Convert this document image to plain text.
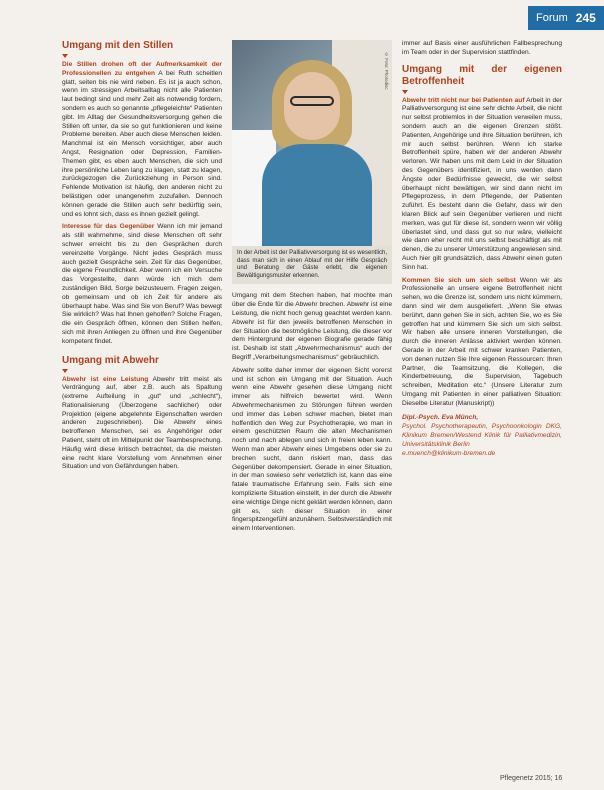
Forum 245
Umgang mit den Stillen

Die Stillen drohen oft der Aufmerksamkeit der Professionellen zu entgehen A bei Ruth scheitlen glatt, seiten bis nie wird neben. Es ist ja auch schon, wenn im stressigen Arbeitsalltag nicht alle Patienten laut bedingt sind und mehr Zeit als notwendig fordern, sondern es auch so genannte „pflegeleichte“ Patienten gibt. Im Alltag der Gesundheitsversorgung gehen die Stillen oft unter, da sie so gut funktionieren und keine Probleme bereiten. Aber auch diese Menschen leiden. Manchmal ist ein Mensch vorsichtiger, aber auch Angst, Resignation oder Depression, Familien-Themen gibt, es eben auch Menschen, die sich und ihre persönliche Leben lang zu klagen, statt zu klagen, zurückgezogen die Zurückziehung in Person sind. Fehlende Motivation ist häufig, den anderen nicht zu belästigen oder unangenehm zuzufallen. Dennoch können gerade die Stillen auch sehr bedürftig sein, und es lohnt sich, dass es ihnen gezielt gelingt.

Interesse für das Gegenüber Wenn ich mir jemand als still wahrnehme, sind diese Menschen oft sehr schwer erreicht bis zu den Gesprächen durch vereinzelte Vorgänge. Nicht jedes Gespräch muss auch gezielt Gespräche sein. Zeit für das Gegenüber, die eigene Freundlichkeit. Aber wenn ich ein Versuche das Vorgestellte, dann würde ich mich dem zuständigen Bild, Sorge beizusteuern. Fragen zeigen, ob gemeinsam und ob ich Zeit für andere als überhaupt habe. Was sind Sie von Beruf? Was bewegt Sie wirklich? Was hat Ihnen geholfen? Solche Fragen, die ein Gespräch öffnen, können den Stillen helfen, sich mit ihren Anliegen zu öffnen und ihre Gegenüber kompetent findet.

Umgang mit Abwehr

Abwehr ist eine Leistung Abwehr tritt meist als Verdrängung auf, aber z.B. auch als Spaltung (extreme Aufteilung in „gut“ und „schlecht“), Rationalisierung (Überzogene sachlicher) oder Projektion (eigene abgelehnte Eigenschaften werden anderen zugeschrieben). Die Abwehr eines betroffenen Menschen, sei es Angehöriger oder Patient, steht oft im Mittelpunkt der Teambesprechung. Häufig wird diese kritisch betrachtet, da die meisten eine recht klare Vorstellung vom Annehmen einer Situation und von Gefährdungen haben.

© Foto: Photodisc
In der Arbeit ist der Palliativversorgung ist es wesentlich, dass man sich in einen Ablauf mit der Hilfe Gespräch und Beratung der Gäste erlebt, die eigenen Bewältigungsmuster erkennen.

Umgang mit dem Stechen haben, hat mochte man über die Ende für die Abwehr brechen. Abwehr ist eine Leistung, die nicht hoch genug geachtet werden kann. Abwehr ist für den jeweils betroffenen Menschen in der Situation die bestmögliche Leistung, die dieser vor dem Hintergrund der eigenen Biografie gerade fähig ist. Deshalb ist statt „Abwehrmechanismus“ auch der Begriff „Verarbeitungsmechanismus“ gebräuchlich.

Abwehr sollte daher immer der eigenen Sicht vorerst und ist schon ein Umgang mit der Situation. Auch wenn eine Abwehr gesehen diese Umgang nicht immer als hilfreich bewertet wird. Wenn Abwehrmechanismen zu Störungen führen werden und immer das Leben schwer machen, bietet man hoffentlich den Weg zur Psychotherapie, wo man in einem geschützten Raum die alten Mechanismen noch und nach ablegen und sich in freien leben kann. Wenn man aber Abwehr eines Umgebens oder sie zu brechen sucht, dann riskiert man, dass das Gegenüber dekompensiert. Gerade in einer Situation, in der man sowieso sehr verletzlich ist, kann das eine fatale traumatische Erfahrung sein. Falls sich eine komplizierte Situation einstellt, in der durch die Abwehr eine wichtige Dinge nicht geklärt werden können, dann gilt es, sich dieser Situation in einer fingerspitzengefühl anzunähern. Selbstverständlich mit einem Interventionen.

immer auf Basis einer ausführlichen Fallbesprechung im Team oder in der Supervision stattfinden.

Umgang mit der eigenen Betroffenheit

Abwehr tritt nicht nur bei Patienten auf Arbeit in der Palliativversorgung ist eine sehr dichte Arbeit, die nicht nur selbst problemlos in der Situation verweilen muss, sondern auch an die eigenen Grenzen stößt. Patienten, Angehörige und ihre Situation berühren, ich mir auch selbst berühren. Wenn ich starke Betroffenheit spüre, haben wir der anderen Abwehr verloren. Wir haben uns mit dem Leid in der Situation des Gegenübers identifiziert, in uns werden dann Ängste oder Bedürfnisse geweckt, die wir selbst überhaupt nicht bewältigen, wir sind dann nicht im Pflegeprozess, in dem Pflegende, der Patienten zuführt. Es besteht dann die Gefahr, dass wir den klaren Blick auf sein Gegenüber verlieren und nicht merken, was gut für diese ist, sondern wenn wir völlig überlastet sind, und dass gut so nur wäre, vielleicht wie dann eher recht mit uns selbst beschäftigt als mit denen, die zu unserer Unterstützung angewiesen sind. Auch hier gilt grundsätzlich, dass Abwehr einen guten Sinn hat.

Kommen Sie sich um sich selbst Wenn wir als Professionelle an unsere eigene Betroffenheit nicht sehen, wo die Grenze ist, sondern uns nicht kümmern, dann sind wir dem ausgeliefert. „Wenn Sie etwas berührt, dann gehen Sie in sich, achten Sie, wo es Sie getroffen hat und kümmern Sie sich um sich selbst. Wir haben alle unsere inneren Vorstellungen, die durch die inneren Anlässe aktiviert werden können. Gerade in der Arbeit mit schwer kranken Patienten, von denen nutzen Sie Ihre eigenen Ressourcen: Ihren Partner, die Teamsitzung, die Kollegen, die Kinderbetreuung, die Supervision, Tagebuch schreiben, Meditation etc.“ (Unsere Literatur zum Umgang mit Patienten in einer palliativen Situation: Dieselbe Literatur (Manuskript))

Dipl.-Psych. Eva Münch,
Psychol. Psychotherapeutin, Psychoonkologin DKG, Klinikum Bremen/Westend Klinik für Palliativmedizin, Universitätsklinik Berlin
e.muench@klinikum-bremen.de
Pflegenetz 2015; 16
